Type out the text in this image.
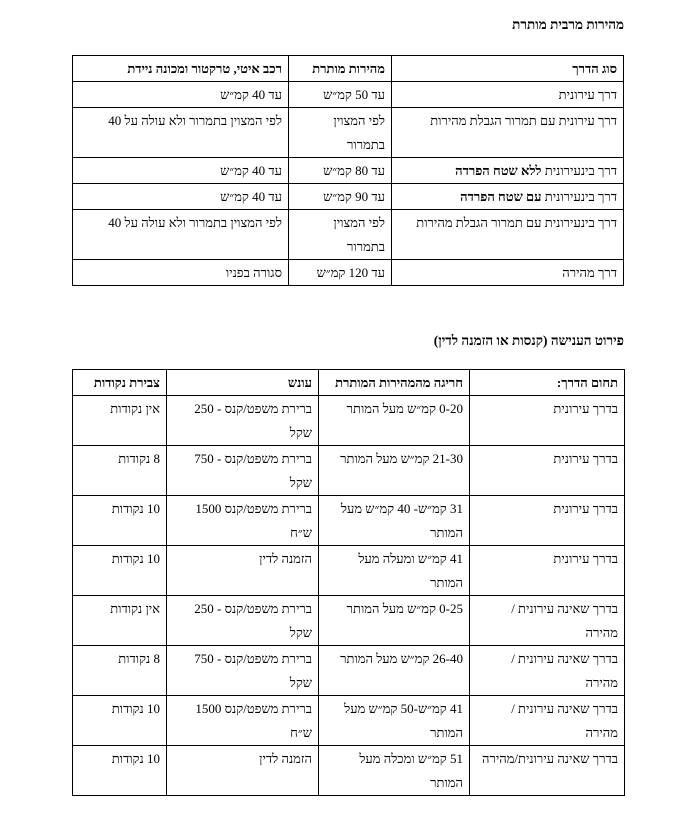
מהירות מרבית מותרת
סוג הדרך	מהירות מותרת	רכב איטי, טרקטור ומכונה ניידת
דרך עירונית	עד 50 קמ״ש	עד 40 קמ״ש
דרך עירונית עם תמרור הגבלת מהירות	לפי המצוין בתמרור	לפי המצוין בתמרור ולא עולה על 40
דרך בינעירונית ללא שטח הפרדה	עד 80 קמ״ש	עד 40 קמ״ש
דרך בינעירונית עם שטח הפרדה	עד 90 קמ״ש	עד 40 קמ״ש
דרך בינעירונית עם תמרור הגבלת מהירות	לפי המצוין בתמרור	לפי המצוין בתמרור ולא עולה על 40
דרך מהירה	עד 120 קמ״ש	סגורה בפניו
פירוט הענישה (קנסות או הזמנה לדין)
תחום הדרך:	חריגה מהמהירות המותרת	עונש	צבירת נקודות
בדרך עירונית	0-20 קמ״ש מעל המותר	ברירת משפט/קנס - 250 שקל	אין נקודות
בדרך עירונית	21-30 קמ״ש מעל המותר	ברירת משפט/קנס - 750 שקל	8 נקודות
בדרך עירונית	31 קמ״ש- 40 קמ״ש מעל המותר	ברירת משפט/קנס 1500 ש״ח	10 נקודות
בדרך עירונית	41 קמ״ש ומעלה מעל המותר	הזמנה לדין	10 נקודות
בדרך שאינה עירונית / מהירה	0-25 קמ״ש מעל המותר	ברירת משפט/קנס - 250 שקל	אין נקודות
בדרך שאינה עירונית / מהירה	26-40 קמ״ש מעל המותר	ברירת משפט/קנס - 750 שקל	8 נקודות
בדרך שאינה עירונית / מהירה	41 קמ״ש-50 קמ״ש מעל המותר	ברירת משפט/קנס 1500 ש״ח	10 נקודות
בדרך שאינה עירונית/מהירה	51 קמ״ש ומכלה מעל המותר	הזמנה לדין	10 נקודות
